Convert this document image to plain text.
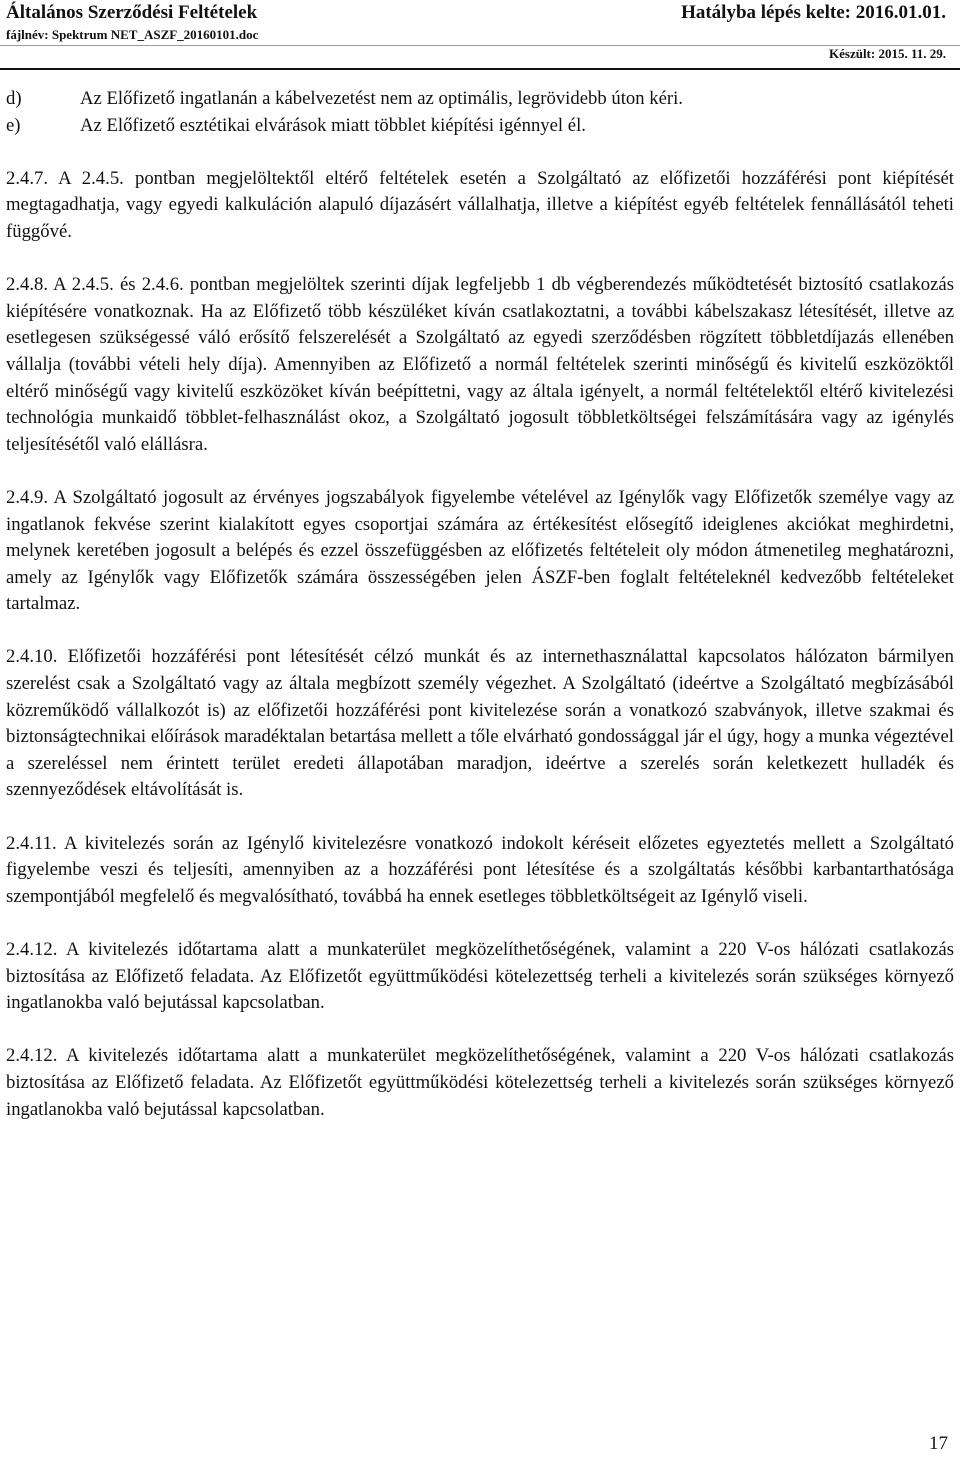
Általános Szerződési Feltételek
fájlnév: Spektrum NET_ASZF_20160101.doc
Hatályba lépés kelte: 2016.01.01.
Készült: 2015. 11. 29.
d)	Az Előfizető ingatlanán a kábelvezetést nem az optimális, legrövidebb úton kéri.
e)	Az Előfizető esztétikai elvárások miatt többlet kiépítési igénnyel él.

2.4.7. A 2.4.5. pontban megjelöltektől eltérő feltételek esetén a Szolgáltató az előfizetői hozzáférési pont kiépítését megtagadhatja, vagy egyedi kalkuláción alapuló díjazásért vállalhatja, illetve a kiépítést egyéb feltételek fennállásától teheti függővé.

2.4.8. A 2.4.5. és 2.4.6. pontban megjelöltek szerinti díjak legfeljebb 1 db végberendezés működtetését biztosító csatlakozás kiépítésére vonatkoznak. Ha az Előfizető több készüléket kíván csatlakoztatni, a további kábelszakasz létesítését, illetve az esetlegesen szükségessé váló erősítő felszerelését a Szolgáltató az egyedi szerződésben rögzített többletdíjazás ellenében vállalja (további vételi hely díja). Amennyiben az Előfizető a normál feltételek szerinti minőségű és kivitelű eszközöktől eltérő minőségű vagy kivitelű eszközöket kíván beépíttetni, vagy az általa igényelt, a normál feltételektől eltérő kivitelezési technológia munkaidő többlet-felhasználást okoz, a Szolgáltató jogosult többletköltségei felszámítására vagy az igénylés teljesítésétől való elállásra.

2.4.9. A Szolgáltató jogosult az érvényes jogszabályok figyelembe vételével az Igénylők vagy Előfizetők személye vagy az ingatlanok fekvése szerint kialakított egyes csoportjai számára az értékesítést elősegítő ideiglenes akciókat meghirdetni, melynek keretében jogosult a belépés és ezzel összefüggésben az előfizetés feltételeit oly módon átmenetileg meghatározni, amely az Igénylők vagy Előfizetők számára összességében jelen ÁSZF-ben foglalt feltételeknél kedvezőbb feltételeket tartalmaz.

2.4.10. Előfizetői hozzáférési pont létesítését célzó munkát és az internethasználattal kapcsolatos hálózaton bármilyen szerelést csak a Szolgáltató vagy az általa megbízott személy végezhet. A Szolgáltató (ideértve a Szolgáltató megbízásából közreműködő vállalkozót is) az előfizetői hozzáférési pont kivitelezése során a vonatkozó szabványok, illetve szakmai és biztonságtechnikai előírások maradéktalan betartása mellett a tőle elvárható gondossággal jár el úgy, hogy a munka végeztével a szereléssel nem érintett terület eredeti állapotában maradjon, ideértve a szerelés során keletkezett hulladék és szennyeződések eltávolítását is.

2.4.11. A kivitelezés során az Igénylő kivitelezésre vonatkozó indokolt kéréseit előzetes egyeztetés mellett a Szolgáltató figyelembe veszi és teljesíti, amennyiben az a hozzáférési pont létesítése és a szolgáltatás későbbi karbantarthatósága szempontjából megfelelő és megvalósítható, továbbá ha ennek esetleges többletköltségeit az Igénylő viseli.

2.4.12. A kivitelezés időtartama alatt a munkaterület megközelíthetőségének, valamint a 220 V-os hálózati csatlakozás biztosítása az Előfizető feladata. Az Előfizetőt együttműködési kötelezettség terheli a kivitelezés során szükséges környező ingatlanokba való bejutással kapcsolatban.

2.4.12. A kivitelezés időtartama alatt a munkaterület megközelíthetőségének, valamint a 220 V-os hálózati csatlakozás biztosítása az Előfizető feladata. Az Előfizetőt együttműködési kötelezettség terheli a kivitelezés során szükséges környező ingatlanokba való bejutással kapcsolatban.

17
